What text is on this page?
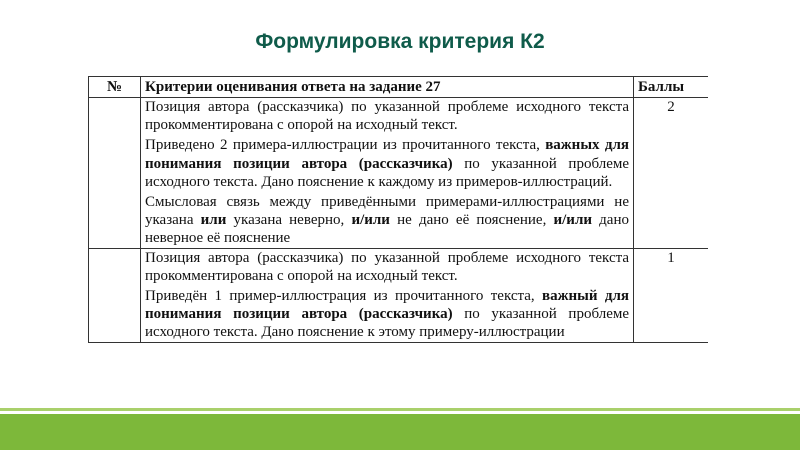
Формулировка критерия К2
№	Критерии оценивания ответа на задание 27	Баллы

	Позиция автора (рассказчика) по указанной проблеме исходного текста прокомментирована с опорой на исходный текст.

Приведено 2 примера-иллюстрации из прочитанного текста, важных для понимания позиции автора (рассказчика) по указанной проблеме исходного текста. Дано пояснение к каждому из примеров-иллюстраций.

Смысловая связь между приведёнными примерами-иллюстрациями не указана или указана неверно, и/или не дано её пояснение, и/или дано неверное её пояснение	2

	Позиция автора (рассказчика) по указанной проблеме исходного текста прокомментирована с опорой на исходный текст.

Приведён 1 пример-иллюстрация из прочитанного текста, важный для понимания позиции автора (рассказчика) по указанной проблеме исходного текста. Дано пояснение к этому примеру-иллюстрации	1
